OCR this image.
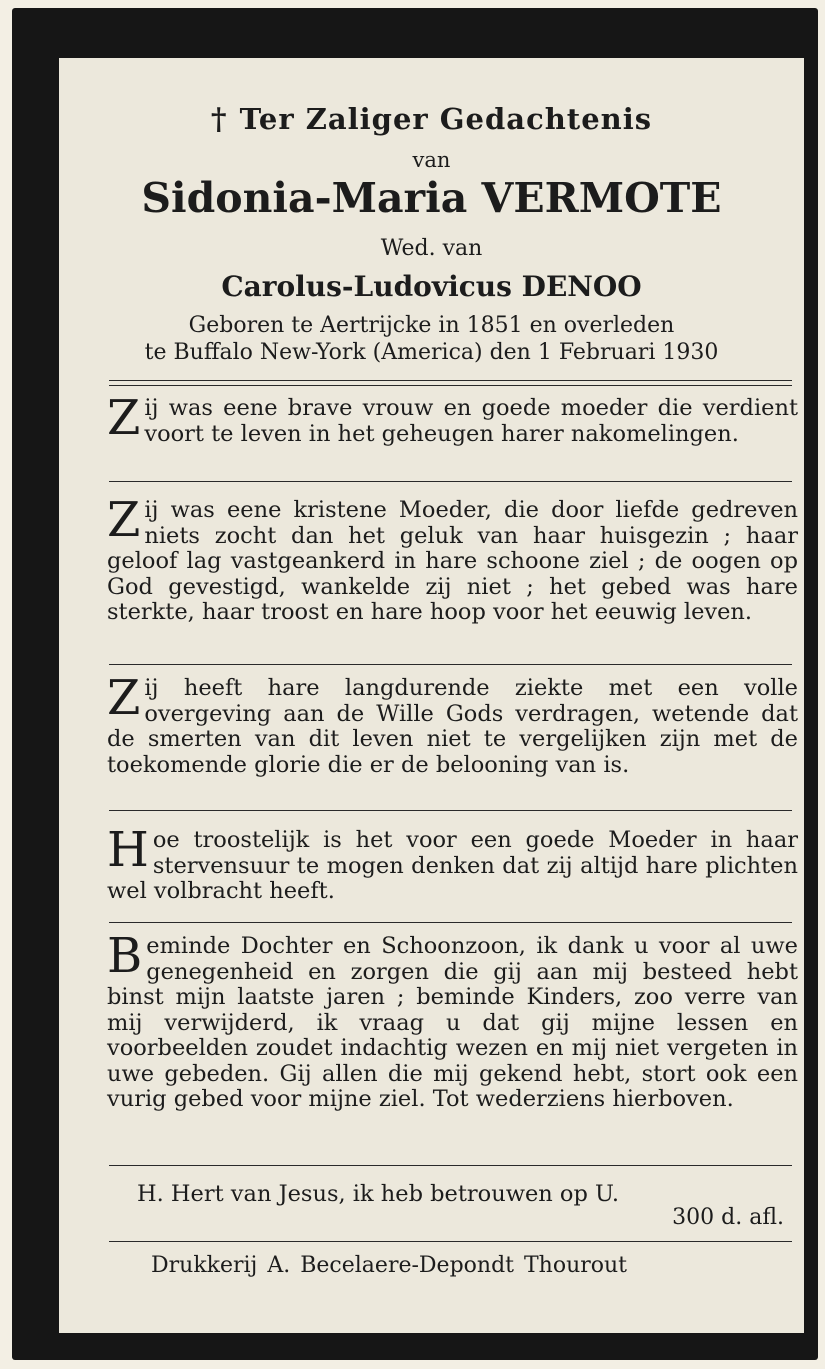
† Ter Zaliger Gedachtenis
van
Sidonia-Maria VERMOTE
Wed. van
Carolus-Ludovicus DENOO
Geboren te Aertrijcke in 1851 en overleden
te Buffalo New-York (America) den 1 Februari 1930

Zij was eene brave vrouw en goede moeder die verdient voort te leven in het geheugen harer nakomelingen.

Zij was eene kristene Moeder, die door liefde gedreven niets zocht dan het geluk van haar huisgezin ; haar geloof lag vastgeankerd in hare schoone ziel ; de oogen op God gevestigd, wankelde zij niet ; het gebed was hare sterkte, haar troost en hare hoop voor het eeuwig leven.

Zij heeft hare langdurende ziekte met een volle overgeving aan de Wille Gods verdragen, wetende dat de smerten van dit leven niet te vergelijken zijn met de toekomende glorie die er de belooning van is.

Hoe troostelijk is het voor een goede Moeder in haar stervensuur te mogen denken dat zij altijd hare plichten wel volbracht heeft.

Beminde Dochter en Schoonzoon, ik dank u voor al uwe genegenheid en zorgen die gij aan mij besteed hebt binst mijn laatste jaren ; beminde Kinders, zoo verre van mij verwijderd, ik vraag u dat gij mijne lessen en voorbeelden zoudet indachtig wezen en mij niet vergeten in uwe gebeden. Gij allen die mij gekend hebt, stort ook een vurig gebed voor mijne ziel. Tot wederziens hierboven.

H. Hert van Jesus, ik heb betrouwen op U.
300 d. afl.
Drukkerij A. Becelaere-Depondt Thourout
